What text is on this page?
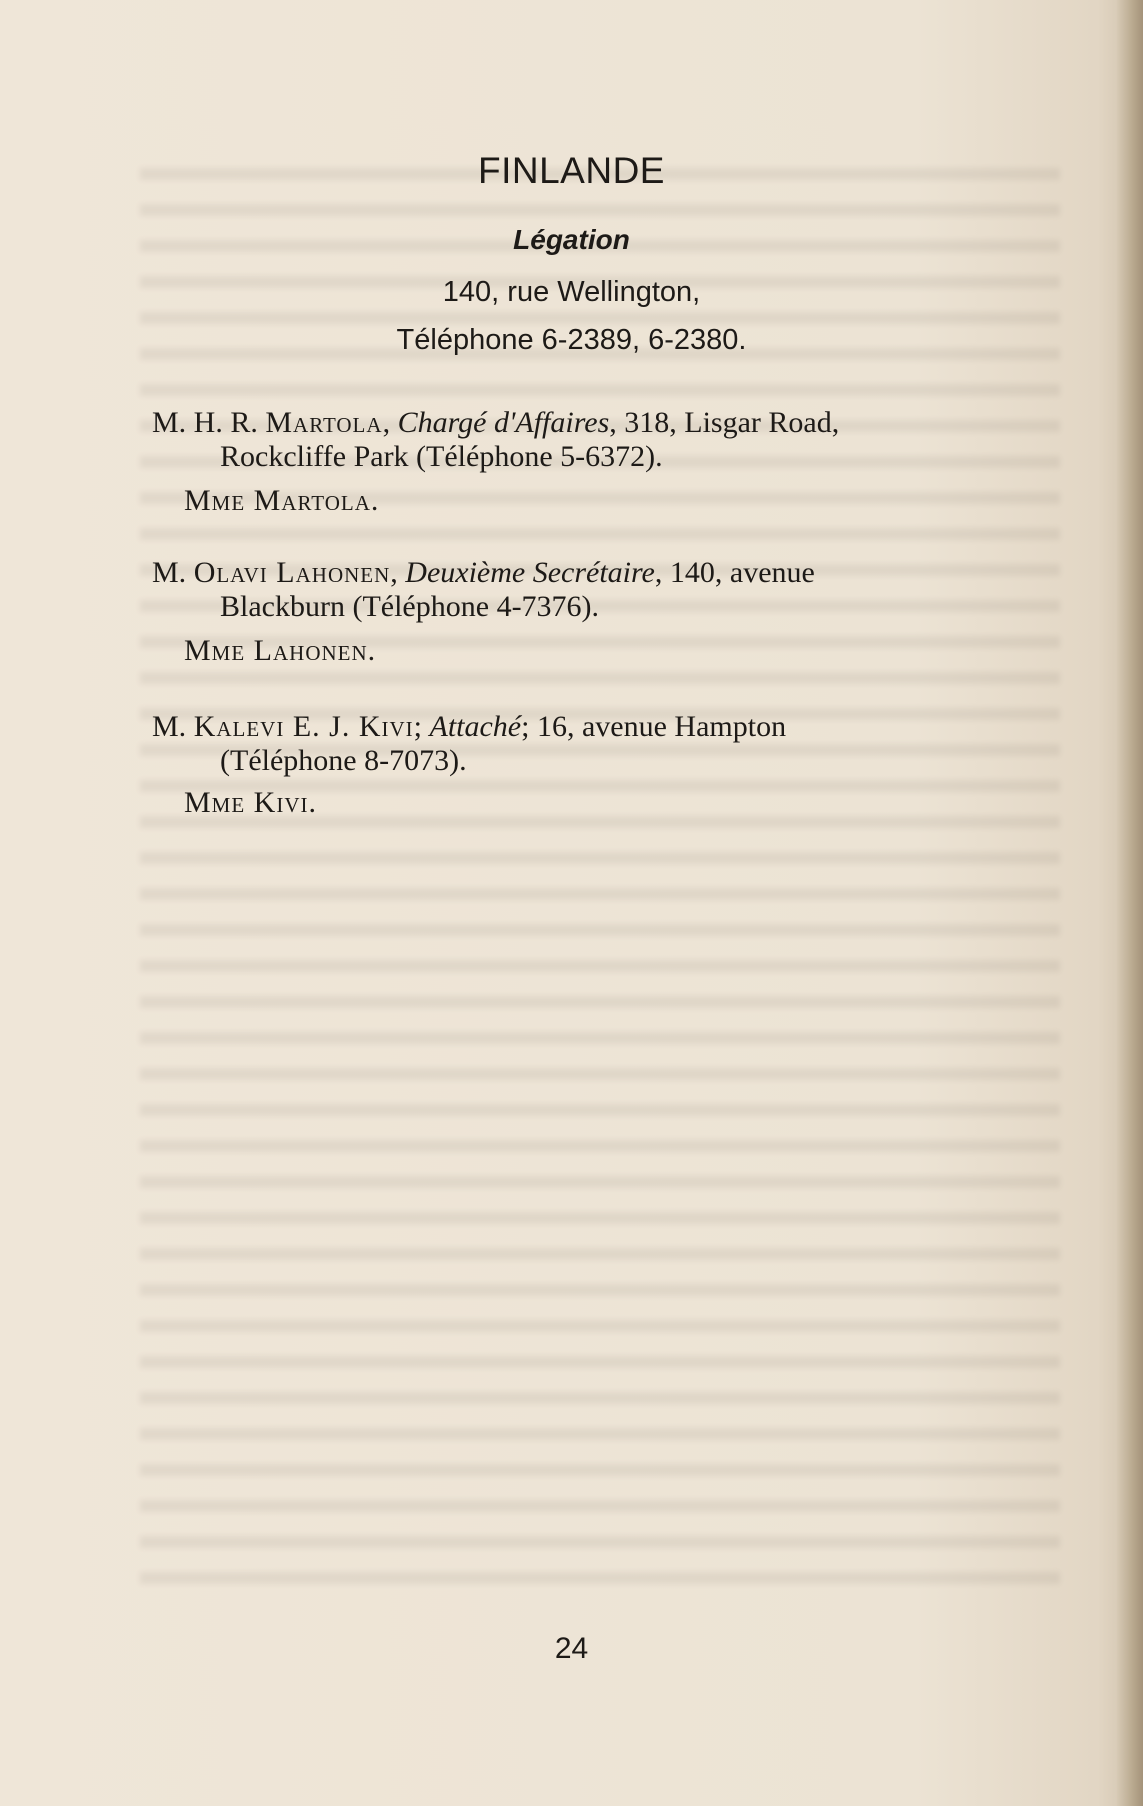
FINLANDE
Légation
140, rue Wellington,
Téléphone 6-2389, 6-2380.
M. H. R. Martola, Chargé d'Affaires, 318, Lisgar Road,
Rockcliffe Park (Téléphone 5-6372).
Mme Martola.
M. Olavi Lahonen, Deuxième Secrétaire, 140, avenue
Blackburn (Téléphone 4-7376).
Mme Lahonen.
M. Kalevi E. J. Kivi; Attaché; 16, avenue Hampton
(Téléphone 8-7073).
Mme Kivi.
24
